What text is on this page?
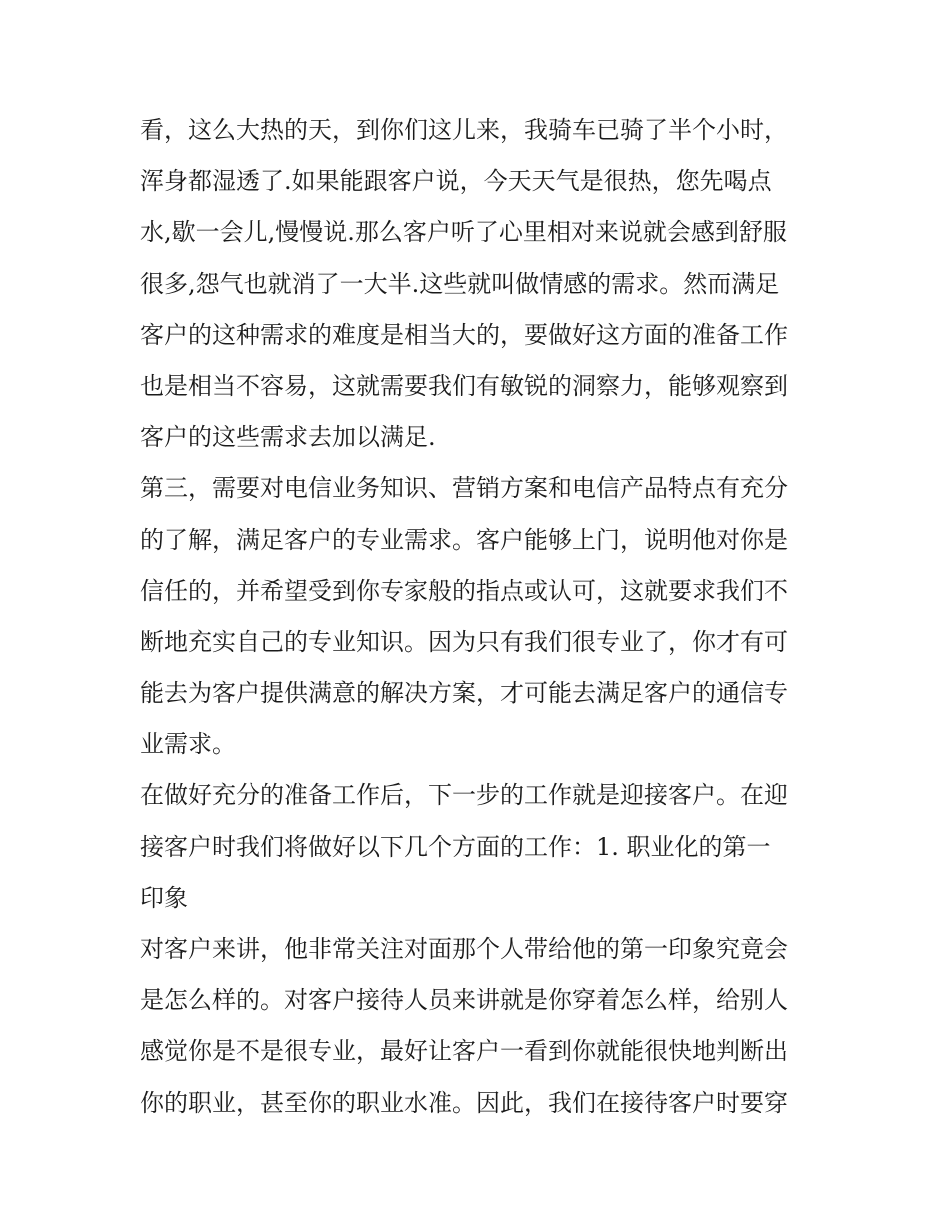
看，这么大热的天，到你们这儿来，我骑车已骑了半个小时，
浑身都湿透了.如果能跟客户说，今天天气是很热，您先喝点
水,歇一会儿,慢慢说.那么客户听了心里相对来说就会感到舒服
很多,怨气也就消了一大半.这些就叫做情感的需求。然而满足
客户的这种需求的难度是相当大的，要做好这方面的准备工作
也是相当不容易，这就需要我们有敏锐的洞察力，能够观察到
客户的这些需求去加以满足.
第三，需要对电信业务知识、营销方案和电信产品特点有充分
的了解，满足客户的专业需求。客户能够上门，说明他对你是
信任的，并希望受到你专家般的指点或认可，这就要求我们不
断地充实自己的专业知识。因为只有我们很专业了，你才有可
能去为客户提供满意的解决方案，才可能去满足客户的通信专
业需求。
在做好充分的准备工作后，下一步的工作就是迎接客户。在迎
接客户时我们将做好以下几个方面的工作：1. 职业化的第一
印象
对客户来讲，他非常关注对面那个人带给他的第一印象究竟会
是怎么样的。对客户接待人员来讲就是你穿着怎么样，给别人
感觉你是不是很专业，最好让客户一看到你就能很快地判断出
你的职业，甚至你的职业水准。因此，我们在接待客户时要穿
